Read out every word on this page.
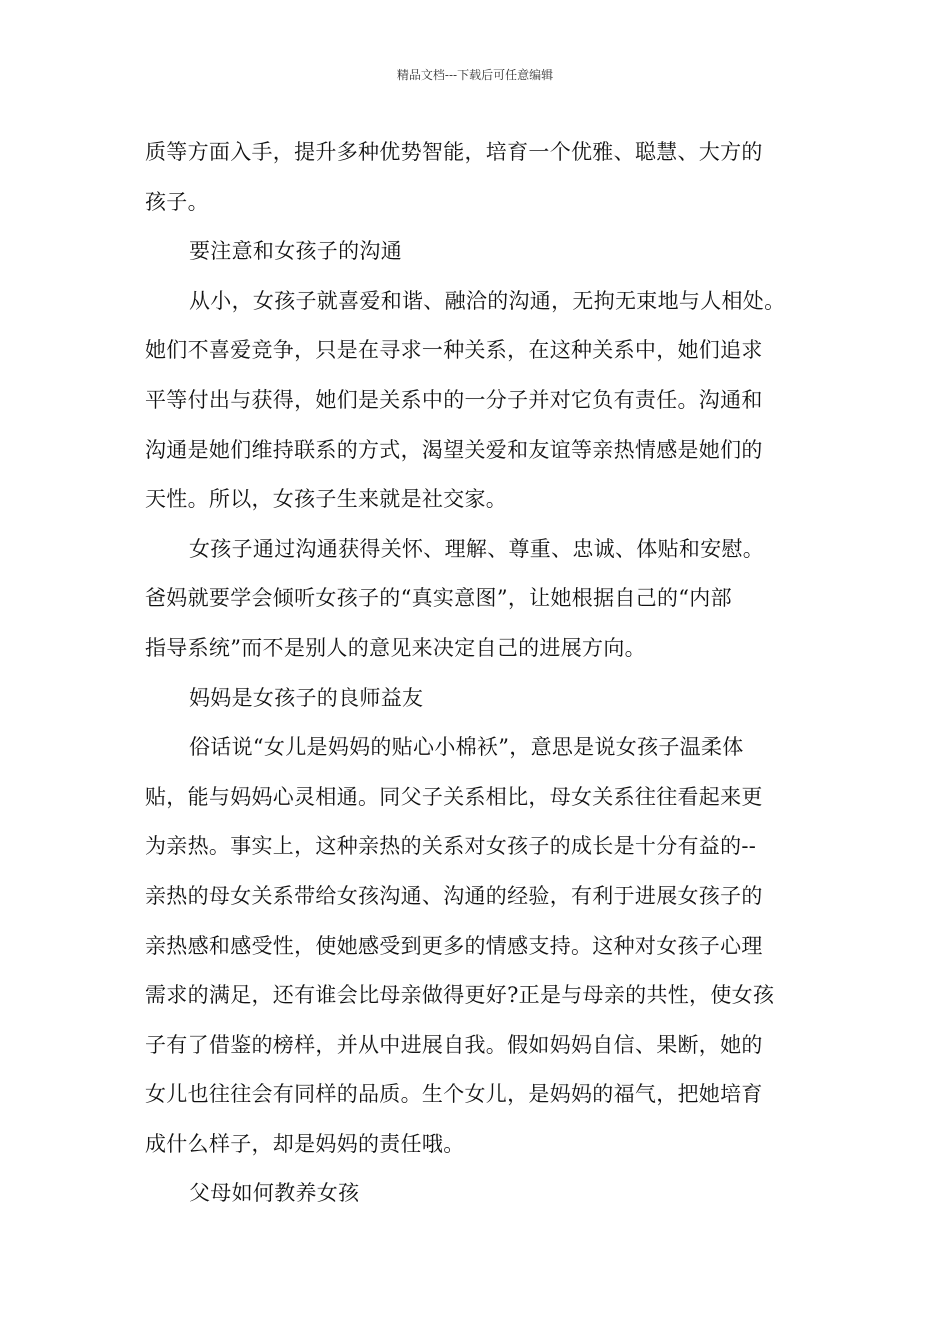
精品文档---下载后可任意编辑
质等方面入手，提升多种优势智能，培育一个优雅、聪慧、大方的
孩子。
要注意和女孩子的沟通
从小，女孩子就喜爱和谐、融洽的沟通，无拘无束地与人相处。
她们不喜爱竞争，只是在寻求一种关系，在这种关系中，她们追求
平等付出与获得，她们是关系中的一分子并对它负有责任。沟通和
沟通是她们维持联系的方式，渴望关爱和友谊等亲热情感是她们的
天性。所以，女孩子生来就是社交家。
女孩子通过沟通获得关怀、理解、尊重、忠诚、体贴和安慰。
爸妈就要学会倾听女孩子的“真实意图”，让她根据自己的“内部
指导系统”而不是别人的意见来决定自己的进展方向。
妈妈是女孩子的良师益友
俗话说“女儿是妈妈的贴心小棉袄”，意思是说女孩子温柔体
贴，能与妈妈心灵相通。同父子关系相比，母女关系往往看起来更
为亲热。事实上，这种亲热的关系对女孩子的成长是十分有益的--
亲热的母女关系带给女孩沟通、沟通的经验，有利于进展女孩子的
亲热感和感受性，使她感受到更多的情感支持。这种对女孩子心理
需求的满足，还有谁会比母亲做得更好?正是与母亲的共性，使女孩
子有了借鉴的榜样，并从中进展自我。假如妈妈自信、果断，她的
女儿也往往会有同样的品质。生个女儿，是妈妈的福气，把她培育
成什么样子，却是妈妈的责任哦。
父母如何教养女孩
